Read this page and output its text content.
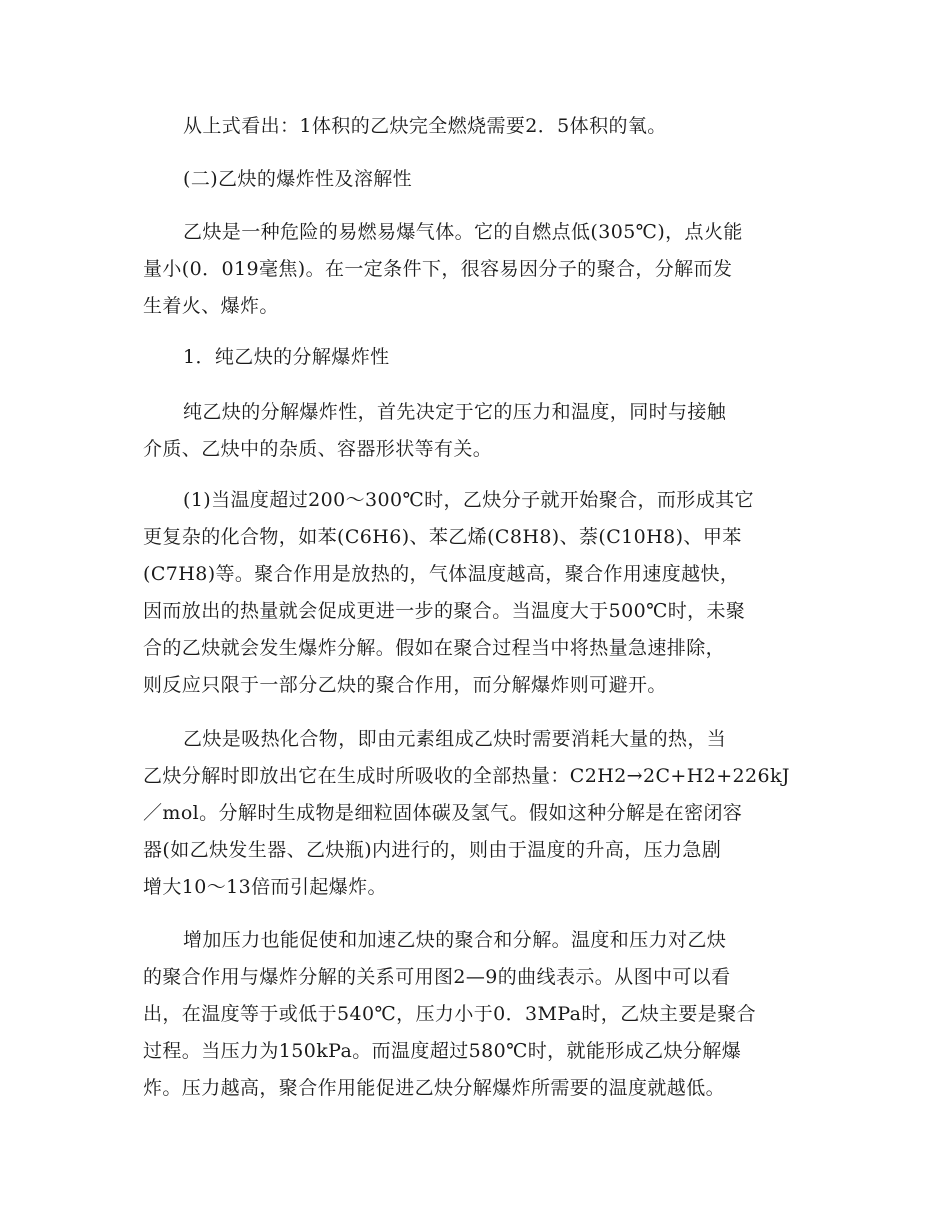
从上式看出：1体积的乙炔完全燃烧需要2．5体积的氧。
(二)乙炔的爆炸性及溶解性
乙炔是一种危险的易燃易爆气体。它的自燃点低(305℃)，点火能
量小(0．019毫焦)。在一定条件下，很容易因分子的聚合，分解而发
生着火、爆炸。
1．纯乙炔的分解爆炸性
纯乙炔的分解爆炸性，首先决定于它的压力和温度，同时与接触
介质、乙炔中的杂质、容器形状等有关。
(1)当温度超过200～300℃时，乙炔分子就开始聚合，而形成其它
更复杂的化合物，如苯(C6H6)、苯乙烯(C8H8)、萘(C10H8)、甲苯
(C7H8)等。聚合作用是放热的，气体温度越高，聚合作用速度越快，
因而放出的热量就会促成更进一步的聚合。当温度大于500℃时，未聚
合的乙炔就会发生爆炸分解。假如在聚合过程当中将热量急速排除，
则反应只限于一部分乙炔的聚合作用，而分解爆炸则可避开。
乙炔是吸热化合物，即由元素组成乙炔时需要消耗大量的热，当
乙炔分解时即放出它在生成时所吸收的全部热量：C2H2→2C+H2+226kJ
／mol。分解时生成物是细粒固体碳及氢气。假如这种分解是在密闭容
器(如乙炔发生器、乙炔瓶)内进行的，则由于温度的升高，压力急剧
增大10～13倍而引起爆炸。
增加压力也能促使和加速乙炔的聚合和分解。温度和压力对乙炔
的聚合作用与爆炸分解的关系可用图2—9的曲线表示。从图中可以看
出，在温度等于或低于540℃，压力小于0．3MPa时，乙炔主要是聚合
过程。当压力为150kPa。而温度超过580℃时，就能形成乙炔分解爆
炸。压力越高，聚合作用能促进乙炔分解爆炸所需要的温度就越低。
